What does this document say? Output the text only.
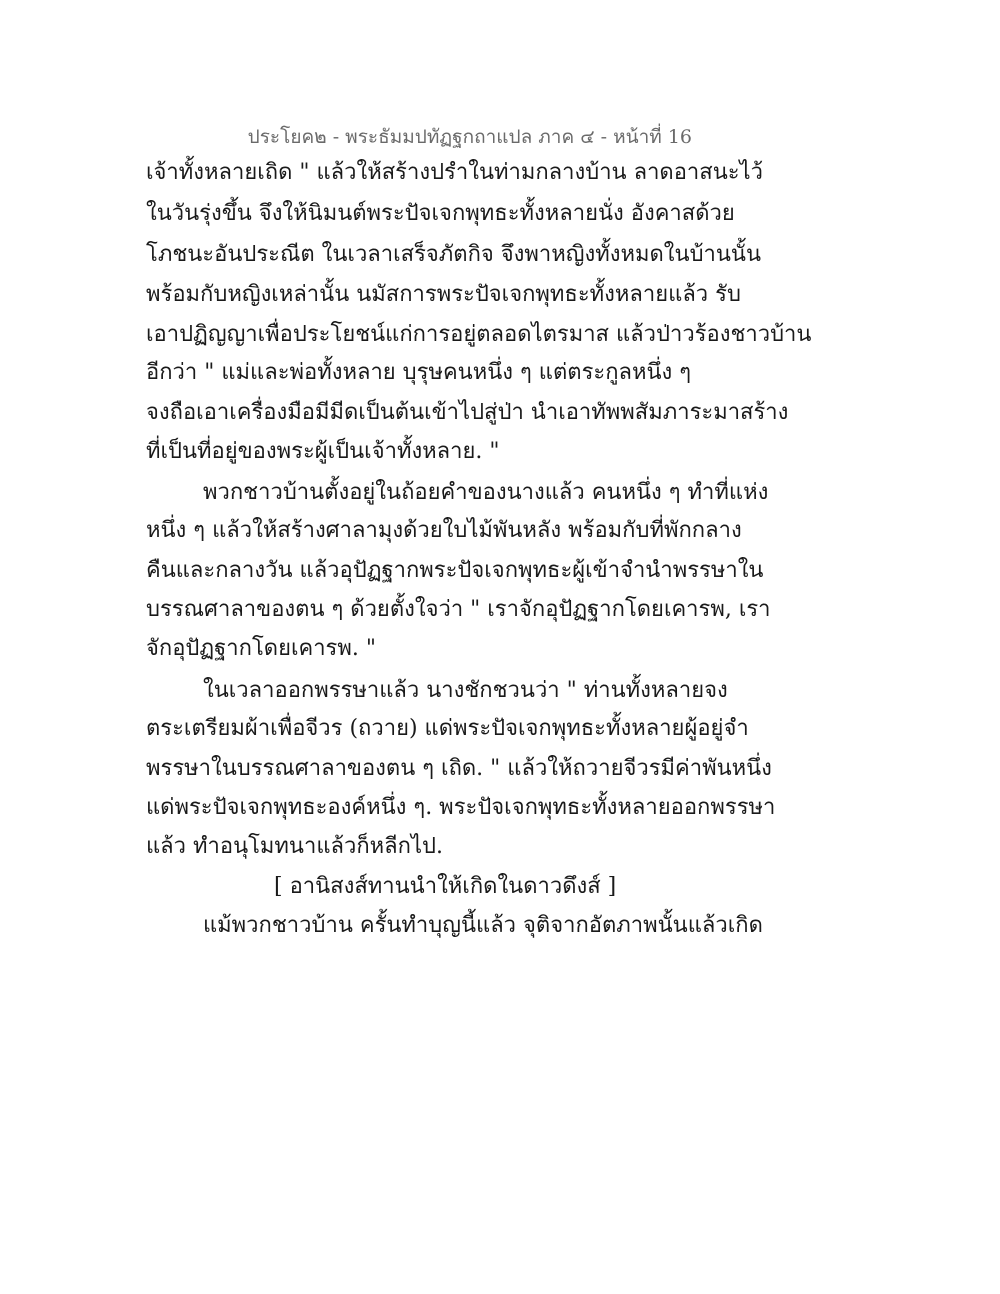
ประโยค๒ - พระธัมมปทัฏฐกถาแปล ภาค ๔ - หน้าที่ 16
เจ้าทั้งหลายเถิด " แล้วให้สร้างปรำในท่ามกลางบ้าน ลาดอาสนะไว้
ในวันรุ่งขึ้น จึงให้นิมนต์พระปัจเจกพุทธะทั้งหลายนั่ง อังคาสด้วย
โภชนะอันประณีต ในเวลาเสร็จภัตกิจ จึงพาหญิงทั้งหมดในบ้านนั้น
พร้อมกับหญิงเหล่านั้น นมัสการพระปัจเจกพุทธะทั้งหลายแล้ว รับ
เอาปฏิญญาเพื่อประโยชน์แก่การอยู่ตลอดไตรมาส แล้วป่าวร้องชาวบ้าน
อีกว่า " แม่และพ่อทั้งหลาย บุรุษคนหนึ่ง ๆ แต่ตระกูลหนึ่ง ๆ
จงถือเอาเครื่องมือมีมีดเป็นต้นเข้าไปสู่ป่า นำเอาทัพพสัมภาระมาสร้าง
ที่เป็นที่อยู่ของพระผู้เป็นเจ้าทั้งหลาย. "
พวกชาวบ้านตั้งอยู่ในถ้อยคำของนางแล้ว คนหนึ่ง ๆ ทำที่แห่ง
หนึ่ง ๆ แล้วให้สร้างศาลามุงด้วยใบไม้พันหลัง พร้อมกับที่พักกลาง
คืนและกลางวัน แล้วอุปัฏฐากพระปัจเจกพุทธะผู้เข้าจำนำพรรษาใน
บรรณศาลาของตน ๆ ด้วยตั้งใจว่า " เราจักอุปัฏฐากโดยเคารพ, เรา
จักอุปัฏฐากโดยเคารพ. "
ในเวลาออกพรรษาแล้ว นางชักชวนว่า " ท่านทั้งหลายจง
ตระเตรียมผ้าเพื่อจีวร (ถวาย) แด่พระปัจเจกพุทธะทั้งหลายผู้อยู่จำ
พรรษาในบรรณศาลาของตน ๆ เถิด. " แล้วให้ถวายจีวรมีค่าพันหนึ่ง
แด่พระปัจเจกพุทธะองค์หนึ่ง ๆ. พระปัจเจกพุทธะทั้งหลายออกพรรษา
แล้ว ทำอนุโมทนาแล้วก็หลีกไป.
[ อานิสงส์ทานนำให้เกิดในดาวดึงส์ ]
แม้พวกชาวบ้าน ครั้นทำบุญนี้แล้ว จุติจากอัตภาพนั้นแล้วเกิด
